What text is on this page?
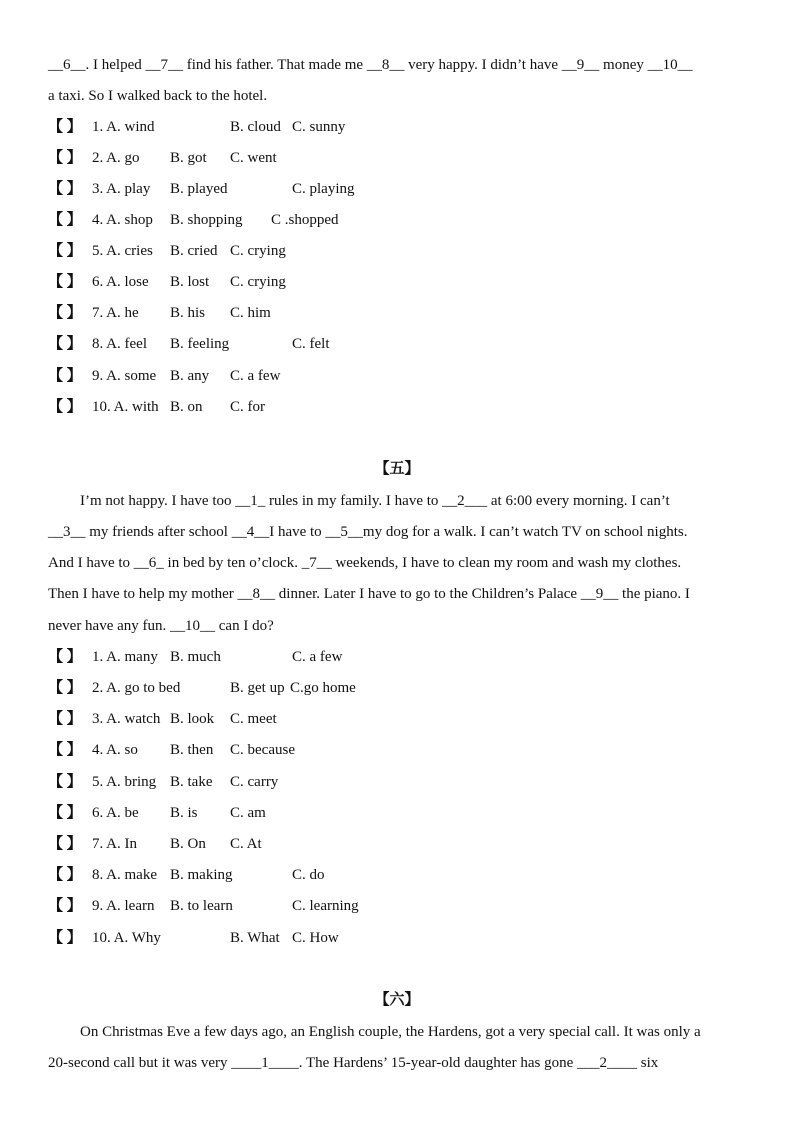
__6__. I helped __7__ find his father. That made me __8__ very happy. I didn’t have __9__ money __10__
a taxi. So I walked back to the hotel.
【 】 1. A. wind	B. cloud C. sunny
【 】 2. A. go B. got C. went
【 】 3. A. play B. played	C. playing
【 】 4. A. shop B. shopping C .shopped
【 】 5. A. cries B. cried C. crying
【 】 6. A. lose B. lost C. crying
【 】 7. A. he B. his C. him
【 】 8. A. feel B. feeling	C. felt
【 】 9. A. some B. any C. a few
【 】 10. A. with B. on C. for
【五】
I’m not happy. I have too __1_ rules in my family. I have to __2___ at 6:00 every morning. I can’t
__3__ my friends after school __4__I have to __5__my dog for a walk. I can’t watch TV on school nights.
And I have to __6_ in bed by ten o’clock. _7__ weekends, I have to clean my room and wash my clothes.
Then I have to help my mother __8__ dinner. Later I have to go to the Children’s Palace __9__ the piano. I
never have any fun. __10__ can I do?
【 】 1. A. many B. much	C. a few
【 】 2. A. go to bed	B. get up C.go home
【 】 3. A. watch B. look C. meet
【 】 4. A. so B. then C. because
【 】 5. A. bring B. take C. carry
【 】 6. A. be B. is C. am
【 】 7. A. In B. On C. At
【 】 8. A. make B. making	C. do
【 】 9. A. learn B. to learn	C. learning
【 】 10. A. Why	B. What C. How
【六】
On Christmas Eve a few days ago, an English couple, the Hardens, got a very special call. It was only a
20-second call but it was very ____1____. The Hardens’ 15-year-old daughter has gone ___2____ six
